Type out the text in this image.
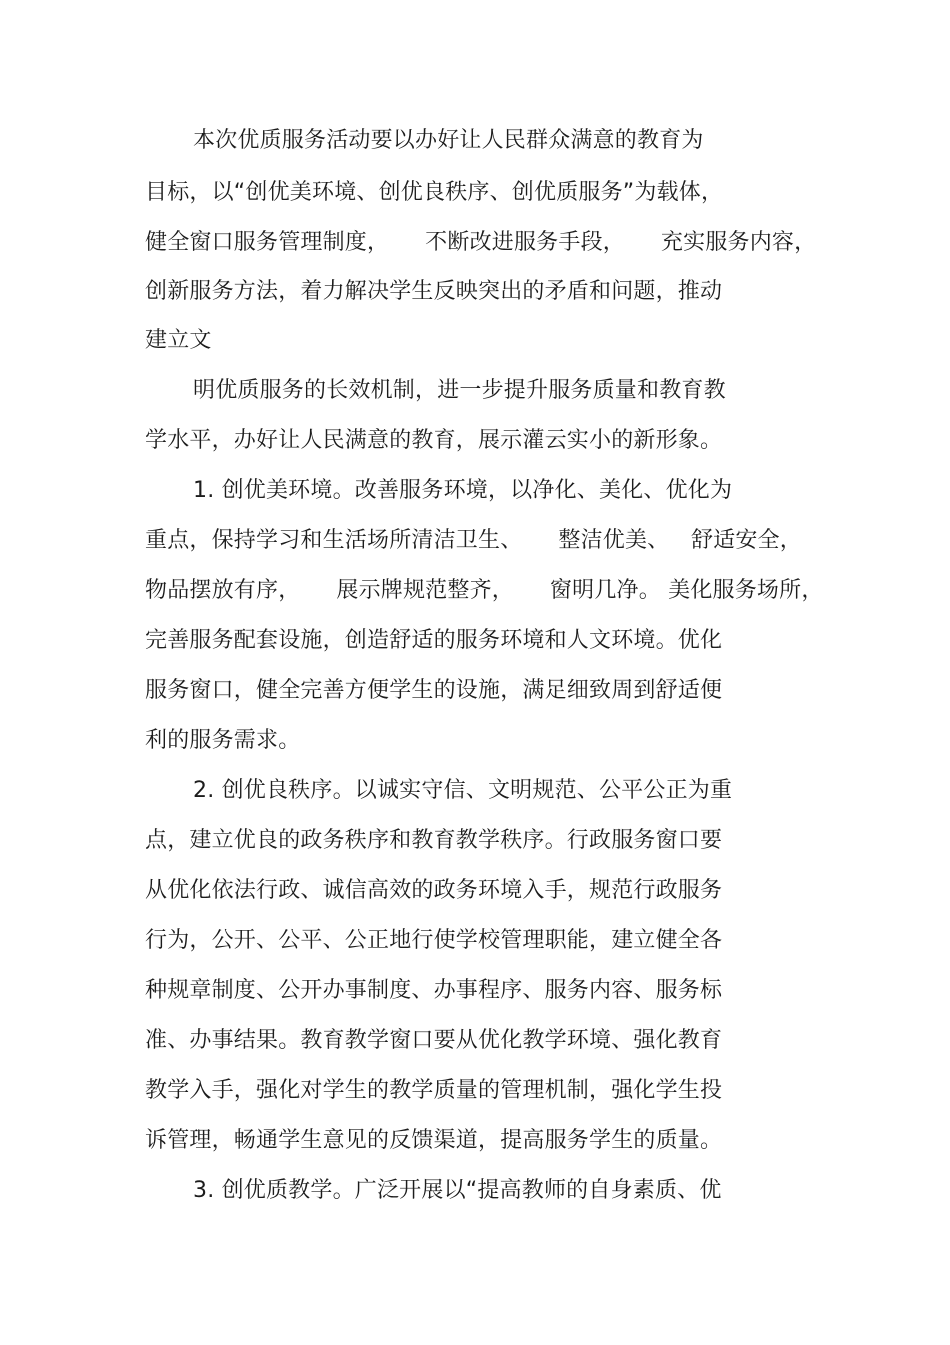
本次优质服务活动要以办好让人民群众满意的教育为
目标，以“创优美环境、创优良秩序、创优质服务”为载体，
健全窗口服务管理制度，     不断改进服务手段，     充实服务内容，
创新服务方法，着力解决学生反映突出的矛盾和问题，推动
建立文
明优质服务的长效机制，进一步提升服务质量和教育教
学水平，办好让人民满意的教育，展示灌云实小的新形象。
1. 创优美环境。改善服务环境，以净化、美化、优化为
重点，保持学习和生活场所清洁卫生、     整洁优美、   舒适安全，
物品摆放有序，     展示牌规范整齐，     窗明几净。 美化服务场所，
完善服务配套设施，创造舒适的服务环境和人文环境。优化
服务窗口，健全完善方便学生的设施，满足细致周到舒适便
利的服务需求。
2. 创优良秩序。以诚实守信、文明规范、公平公正为重
点，建立优良的政务秩序和教育教学秩序。行政服务窗口要
从优化依法行政、诚信高效的政务环境入手，规范行政服务
行为，公开、公平、公正地行使学校管理职能，建立健全各
种规章制度、公开办事制度、办事程序、服务内容、服务标
准、办事结果。教育教学窗口要从优化教学环境、强化教育
教学入手，强化对学生的教学质量的管理机制，强化学生投
诉管理，畅通学生意见的反馈渠道，提高服务学生的质量。
3. 创优质教学。广泛开展以“提高教师的自身素质、优
